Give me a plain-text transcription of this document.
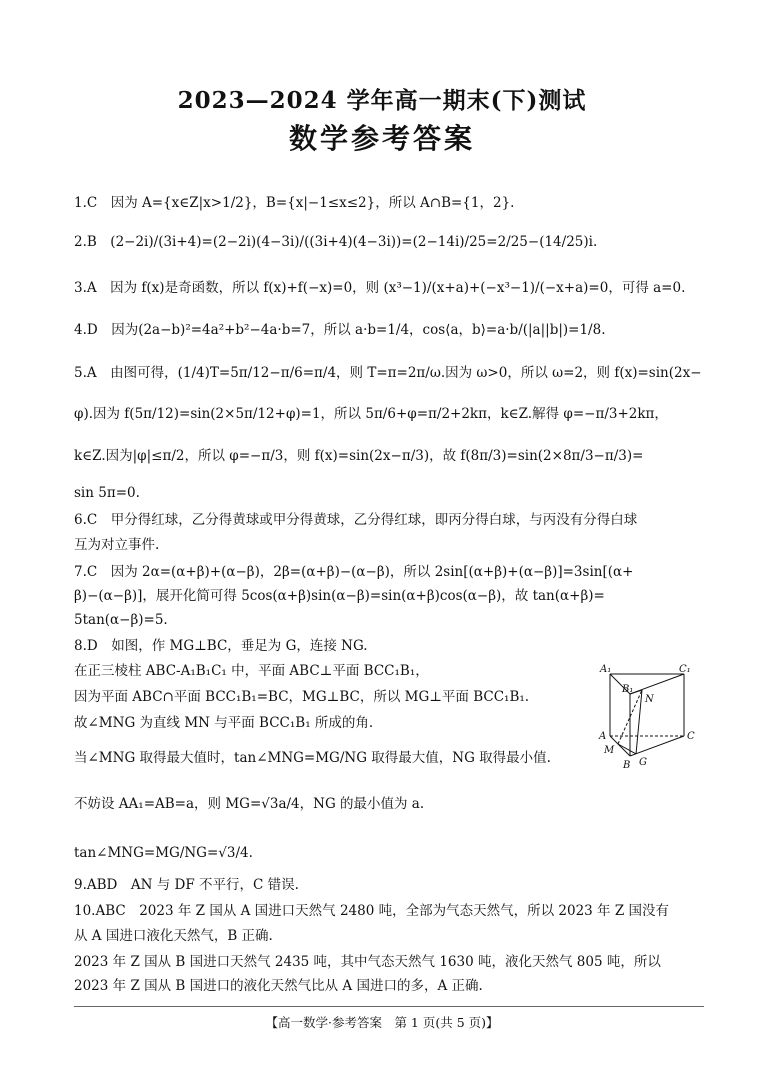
2023—2024 学年高一期末(下)测试
数学参考答案
1.C　因为 A={x∈Z|x>1/2}，B={x|−1≤x≤2}，所以 A∩B={1，2}.
2.B　(2−2i)/(3i+4)=(2−2i)(4−3i)/((3i+4)(4−3i))=(2−14i)/25=2/25−(14/25)i.
3.A　因为 f(x)是奇函数，所以 f(x)+f(−x)=0，则 (x³−1)/(x+a)+(−x³−1)/(−x+a)=0，可得 a=0.
4.D　因为(2a−b)²=4a²+b²−4a·b=7，所以 a·b=1/4，cos⟨a，b⟩=a·b/(|a||b|)=1/8.
5.A　由图可得，(1/4)T=5π/12−π/6=π/4，则 T=π=2π/ω.因为 ω>0，所以 ω=2，则 f(x)=sin(2x−
φ).因为 f(5π/12)=sin(2×5π/12+φ)=1，所以 5π/6+φ=π/2+2kπ，k∈Z.解得 φ=−π/3+2kπ，
k∈Z.因为|φ|≤π/2，所以 φ=−π/3，则 f(x)=sin(2x−π/3)，故 f(8π/3)=sin(2×8π/3−π/3)=
sin 5π=0.
6.C　甲分得红球，乙分得黄球或甲分得黄球，乙分得红球，即丙分得白球，与丙没有分得白球
互为对立事件.
7.C　因为 2α=(α+β)+(α−β)，2β=(α+β)−(α−β)，所以 2sin[(α+β)+(α−β)]=3sin[(α+
β)−(α−β)]，展开化简可得 5cos(α+β)sin(α−β)=sin(α+β)cos(α−β)，故 tan(α+β)=
5tan(α−β)=5.
8.D　如图，作 MG⊥BC，垂足为 G，连接 NG.
在正三棱柱 ABC-A₁B₁C₁ 中，平面 ABC⊥平面 BCC₁B₁，
因为平面 ABC∩平面 BCC₁B₁=BC，MG⊥BC，所以 MG⊥平面 BCC₁B₁.
故∠MNG 为直线 MN 与平面 BCC₁B₁ 所成的角.
当∠MNG 取得最大值时，tan∠MNG=MG/NG 取得最大值，NG 取得最小值.
不妨设 AA₁=AB=a，则 MG=√3a/4，NG 的最小值为 a.
tan∠MNG=MG/NG=√3/4.
9.ABD　AN 与 DF 不平行，C 错误.
10.ABC　2023 年 Z 国从 A 国进口天然气 2480 吨，全部为气态天然气，所以 2023 年 Z 国没有
从 A 国进口液化天然气，B 正确.
2023 年 Z 国从 B 国进口天然气 2435 吨，其中气态天然气 1630 吨，液化天然气 805 吨，所以
2023 年 Z 国从 B 国进口的液化天然气比从 A 国进口的多，A 正确.
A₁
B₁
C₁
N
A	C
M
B G
【高一数学·参考答案　第 1 页(共 5 页)】
